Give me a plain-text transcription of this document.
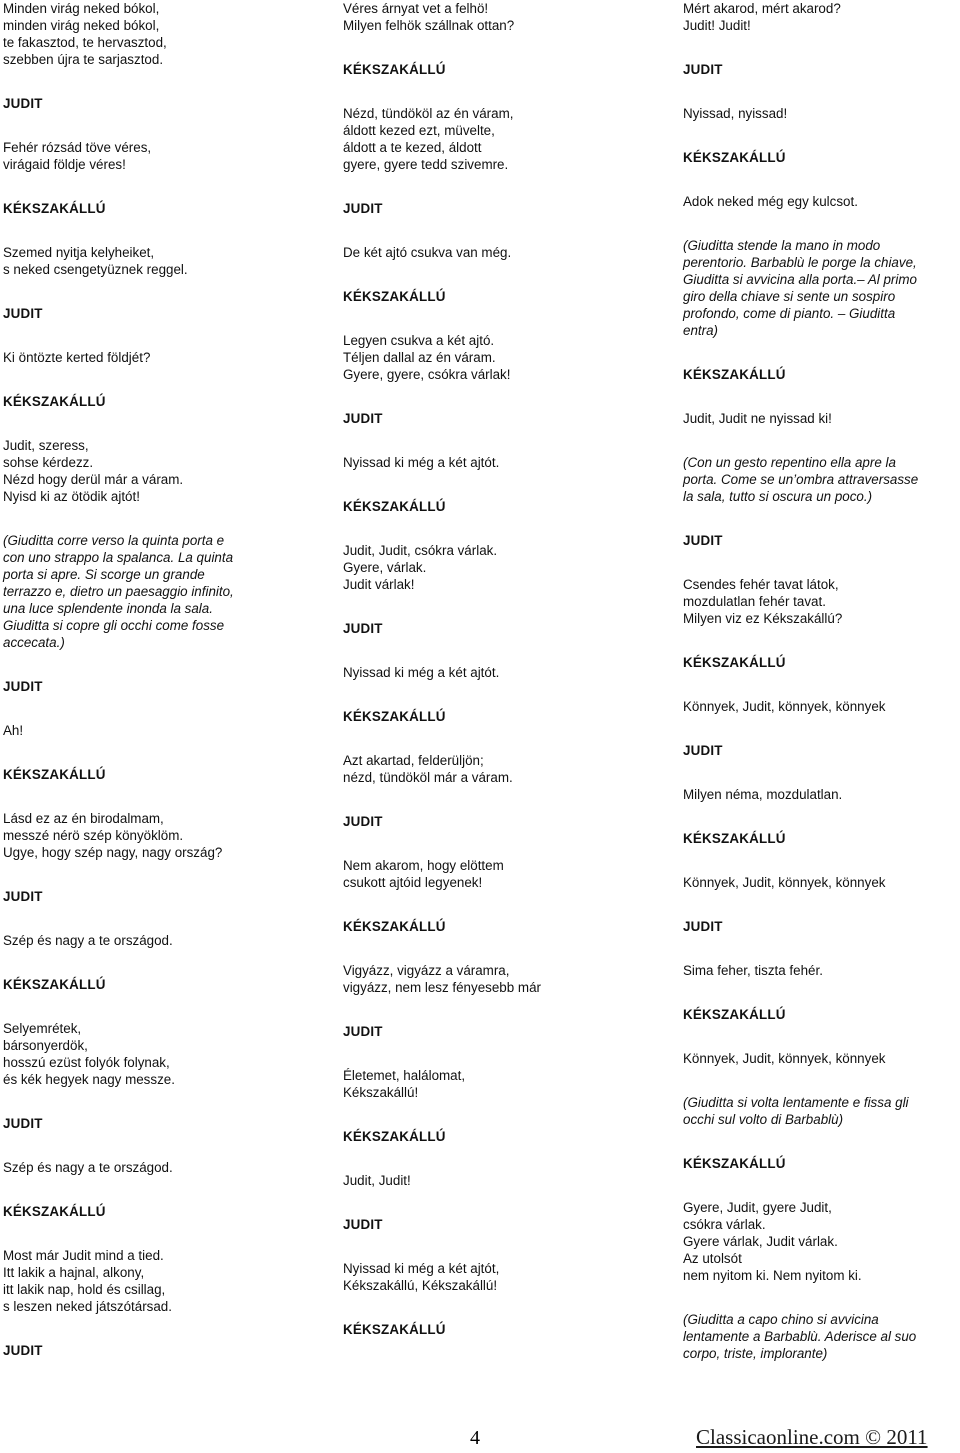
Minden virág neked bókol,
minden virág neked bókol,
te fakasztod, te hervasztod,
szebben újra te sarjasztod.

JUDIT

Fehér rózsád töve véres,
virágaid földje véres!

KÉKSZAKÁLLÚ

Szemed nyitja kelyheiket,
s neked csengetyüznek reggel.

JUDIT

Ki öntözte kerted földjét?

KÉKSZAKÁLLÚ

Judit, szeress,
sohse kérdezz.
Nézd hogy derül már a váram.
Nyisd ki az ötödik ajtót!

(Giuditta corre verso la quinta porta e
con uno strappo la spalanca. La quinta
porta si apre. Si scorge un grande
terrazzo e, dietro un paesaggio infinito,
una luce splendente inonda la sala.
Giuditta si copre gli occhi come fosse
accecata.)

JUDIT

Ah!

KÉKSZAKÁLLÚ

Lásd ez az én birodalmam,
messzé nérö szép könyöklöm.
Ugye, hogy szép nagy, nagy ország?

JUDIT

Szép és nagy a te országod.

KÉKSZAKÁLLÚ

Selyemrétek,
bársonyerdök,
hosszú ezüst folyók folynak,
és kék hegyek nagy messze.

JUDIT

Szép és nagy a te országod.

KÉKSZAKÁLLÚ

Most már Judit mind a tied.
Itt lakik a hajnal, alkony,
itt lakik nap, hold és csillag,
s leszen neked játszótársad.

JUDIT

Véres árnyat vet a felhö!
Milyen felhök szállnak ottan?

KÉKSZAKÁLLÚ

Nézd, tündököl az én váram,
áldott kezed ezt, müvelte,
áldott a te kezed, áldott
gyere, gyere tedd szivemre.

JUDIT

De két ajtó csukva van még.

KÉKSZAKÁLLÚ

Legyen csukva a két ajtó.
Téljen dallal az én váram.
Gyere, gyere, csókra várlak!

JUDIT

Nyissad ki még a két ajtót.

KÉKSZAKÁLLÚ

Judit, Judit, csókra várlak.
Gyere, várlak.
Judit várlak!

JUDIT

Nyissad ki még a két ajtót.

KÉKSZAKÁLLÚ

Azt akartad, felderüljön;
nézd, tündököl már a váram.

JUDIT

Nem akarom, hogy elöttem
csukott ajtóid legyenek!

KÉKSZAKÁLLÚ

Vigyázz, vigyázz a váramra,
vigyázz, nem lesz fényesebb már

JUDIT

Életemet, halálomat,
Kékszakállú!

KÉKSZAKÁLLÚ

Judit, Judit!

JUDIT

Nyissad ki még a két ajtót,
Kékszakállú, Kékszakállú!

KÉKSZAKÁLLÚ

Mért akarod, mért akarod?
Judit! Judit!

JUDIT

Nyissad, nyissad!

KÉKSZAKÁLLÚ

Adok neked még egy kulcsot.

(Giuditta stende la mano in modo
perentorio. Barbablù le porge la chiave,
Giuditta si avvicina alla porta.– Al primo
giro della chiave si sente un sospiro
profondo, come di pianto. – Giuditta
entra)

KÉKSZAKÁLLÚ

Judit, Judit ne nyissad ki!

(Con un gesto repentino ella apre la
porta. Come se un’ombra attraversasse
la sala, tutto si oscura un poco.)

JUDIT

Csendes fehér tavat látok,
mozdulatlan fehér tavat.
Milyen viz ez Kékszakállú?

KÉKSZAKÁLLÚ

Könnyek, Judit, könnyek, könnyek

JUDIT

Milyen néma, mozdulatlan.

KÉKSZAKÁLLÚ

Könnyek, Judit, könnyek, könnyek

JUDIT

Sima feher, tiszta fehér.

KÉKSZAKÁLLÚ

Könnyek, Judit, könnyek, könnyek

(Giuditta si volta lentamente e fissa gli
occhi sul volto di Barbablù)

KÉKSZAKÁLLÚ

Gyere, Judit, gyere Judit,
csókra várlak.
Gyere várlak, Judit várlak.
Az utolsót
nem nyitom ki. Nem nyitom ki.

(Giuditta a capo chino si avvicina
lentamente a Barbablù. Aderisce al suo
corpo, triste, implorante)

4	Classicaonline.com © 2011
